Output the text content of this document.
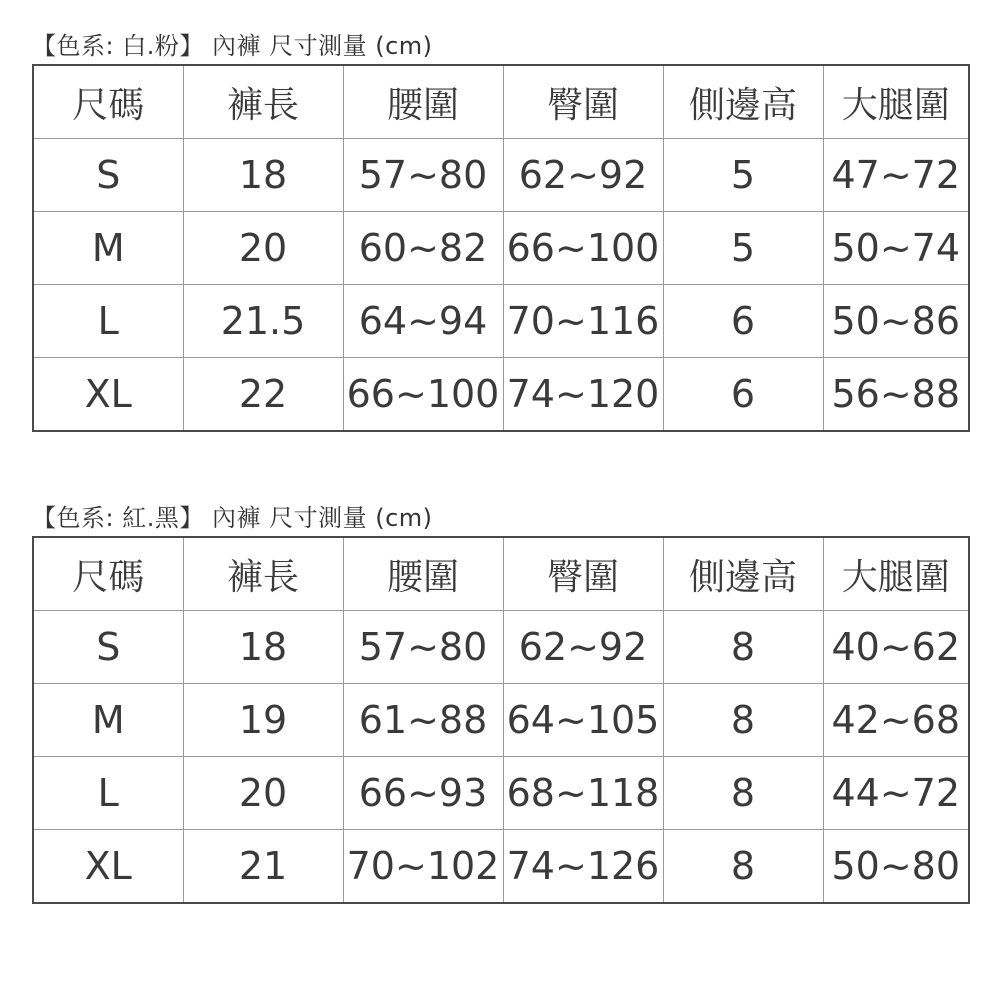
【色系: 白.粉】 內褲 尺寸測量 (cm)
尺碼	褲長	腰圍	臀圍	側邊高	大腿圍
S	18	57~80	62~92	5	47~72
M	20	60~82	66~100	5	50~74
L	21.5	64~94	70~116	6	50~86
XL	22	66~100	74~120	6	56~88
【色系: 紅.黑】 內褲 尺寸測量 (cm)
尺碼	褲長	腰圍	臀圍	側邊高	大腿圍
S	18	57~80	62~92	8	40~62
M	19	61~88	64~105	8	42~68
L	20	66~93	68~118	8	44~72
XL	21	70~102	74~126	8	50~80
